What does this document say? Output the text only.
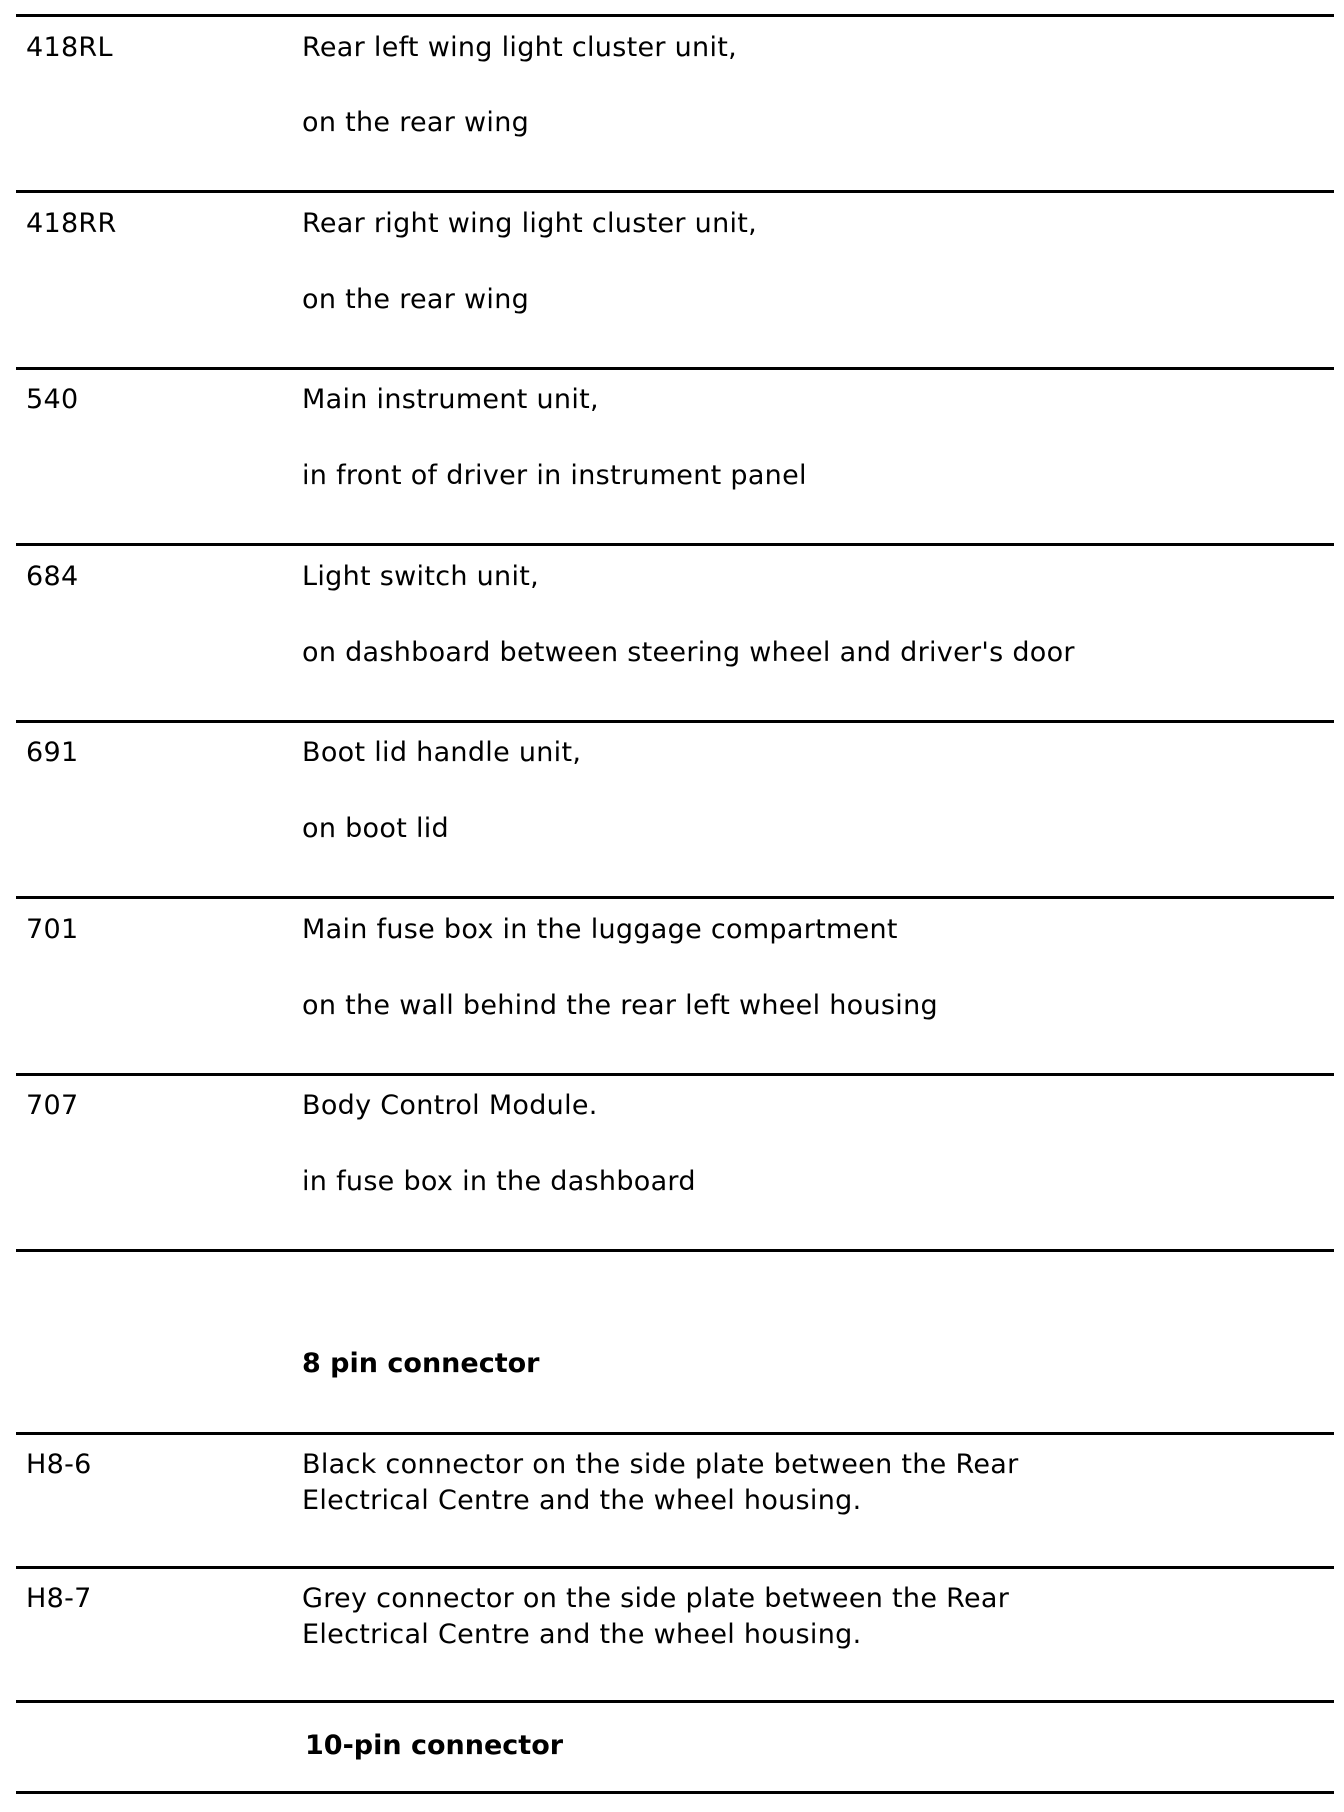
418RL	Rear left wing light cluster unit,
on the rear wing
418RR	Rear right wing light cluster unit,
on the rear wing
540	Main instrument unit,
in front of driver in instrument panel
684	Light switch unit,
on dashboard between steering wheel and driver's door
691	Boot lid handle unit,
on boot lid
701	Main fuse box in the luggage compartment
on the wall behind the rear left wheel housing
707	Body Control Module.
in fuse box in the dashboard
8 pin connector
H8-6	Black connector on the side plate between the Rear
Electrical Centre and the wheel housing.
H8-7	Grey connector on the side plate between the Rear
Electrical Centre and the wheel housing.
10-pin connector
